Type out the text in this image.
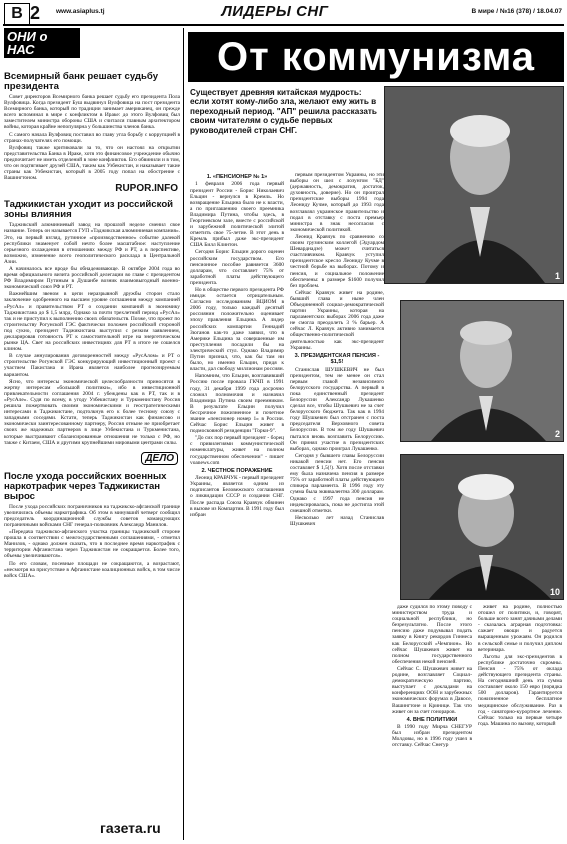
В 2 www.asiaplus.tj	ЛИДЕРЫ СНГ	В мире / №16 (378) / 18.04.07
ОНИ о
НАС
Всемирный банк решает судьбу президента

Совет директоров Всемирного банка решает судьбу его президента Пола Вулфовица. Когда президент Буш выдвинул Вулфовица на пост президента Всемирного банка, который по традиции занимает американец, он прежде всего вспоминал в мире с конфликтом в Ираке: до этого Вулфовиц был заместителем министра обороны США и считался главным архитектором войны, которая крайне непопулярна у большинства членов банка.

С самого начала Вулфовиц поставил во главу угла борьбу с коррупцией в странах-получателях его помощи.

Вулфовиц также критиковали за то, что он настоял на открытии представительства Банка в Ираке, хотя это финансовое учреждение обычно предпочитает не иметь отделений в зоне конфликтов. Его обвинили и в том, что он подтягивает друзей США, таким как Узбекистан, и наказывает такие страны как Узбекистан, который в 2005 году попал на обострение с Вашингтоном.

RUPOR.INFO
Таджикистан уходит из российской зоны влияния

Таджикский алюминиевый завод на прошлой неделе сменил свое название. Теперь он называется ГУП «Таджикская алюминиевая компания». Это, на первый взгляд, рутинное «производственное» событие далекой республики знаменует собой нечто более масштабное: наступление серьезного охлаждения в отношениях между РФ и РТ, а в перспективе, возможно, изменение всего геополитического расклада в Центральной Азии.

А начиналось все вроде бы обнадеживающе. В октябре 2004 года во время официального визита российской делегации во главе с президентом РФ Владимиром Путиным в Душанбе возник взаимовыгодный военно-экономический союз РФ и РТ.

Важнейшим звеном в цепи неразрывной дружбы сторон стало заключение одобренного на высшем уровне соглашения между компанией «РусАл» и правительством РТ о создании компаний в экономику Таджикистана до $ 1,5 млрд. Однако за почти трехлетний период «РусАл» так и не приступил к выполнению своих обязательств. Позже, что проект по строительству Рогунской ГЭС фактически положен российской стороной под сукно, президент Таджикистана выступил с резким заявлением, декларировав готовность РТ к самостоятельной игре на энергетическом рынке ЦА. Свет на российских инвестициях для РТ в итоге не сошелся клином.

В случае аннулирования договоренностей между «РусАлом» и РТ о строительстве Рогунской ГЭС конкурирующий инвестиционный проект с участием Пакистана и Ирана является наиболее прогнозируемым вариантом.

Ясно, что интересы экономической целесообразности приносятся в жертву интересам «большой политики», ибо в инвестиционной привлекательности соглашения 2004 г. убеждены как в РТ, так и в «РусАле». Судя по всему, в угоду Узбекистану и Туркменистану Россия решила пожертвовать своими экономическими и геостратегическими интересами в Таджикистане, подтолкнув его к более тесному союзу с западными соседями. Кстати, теперь Таджикистан как финансово и экономически заинтересованному партнеру, Россия отныне не приобретает своих же надежных партнеров в лице Узбекистана и Туркменистана, которые выстраивают сбалансированные отношения не только с РФ, но также с Китаем, США и другими крупнейшими мировыми центрами силы.

ДЕЛО
После ухода российских военных наркотрафик через Таджикистан вырос

После ухода российских пограничников на таджикско-афганской границе увеличились объемы наркотрафика. Об этом в минувший четверг сообщил председатель координационной службы советов командующих пограничными войсками СНГ генерал-полковник Александр Манилов.

«Передача таджикско-афганского участка границы таджикской стороне прошла в соответствии с межгосударственными соглашениями, - отметил Манилов, - однако должен сказать, что в последнее время наркотрафик с территории Афганистана через Таджикистан не сокращается. Более того, объемы увеличиваются».

По его словам, посевные площади не сокращаются, а возрастают, «несмотря на присутствие в Афганистане коалиционных войск, в том числе войск США».

газета.ru
От коммунизма
Существует древняя китайская мудрость: если хотят кому-либо зла, желают ему жить в переходный период. "АП" решила рассказать своим читателям о судьбе первых руководителей стран СНГ.
1
2
10
1. «ПЕНСИОНЕР № 1»

1 февраля 2006 года первый президент России - Борис Николаевич Ельцин - вернулся в Кремль. Но возвращение Ельцина было не к власти, а по приглашению своего преемника Владимира Путина, чтобы здесь, в Георгиевском зале, вместе с российской и зарубежной политической элитой отметить свое 75-летие. В этот день в Кремль прибыл даже экс-президент США Билл Клинтон.

Сегодня Борис Ельцин дорого оценен российским государством. Его пенсионное пособие равняется 3600 долларам, что составляет 75% от заработной платы действующего президента.

Но в обществе первого президента РФ имидж остается отрицательным. Согласно исследованиям ВЦИОМ в 2006 году, только каждый десятый россиянин положительно оценивает эпоху правления Ельцина. А лидер российских компартии Геннадий Зюганов как-то даже заявил, что в Америке Ельцина за совершенные им преступления посадили бы на электрический стул. Однако Владимир Путин признал, что, как бы там ни было, но именно Ельцин, придя к власти, дал свободу миллионам россиян.

Напомним, что Ельцин, возглавивший Россию после провала ГКЧП в 1991 году, 31 декабря 1999 года досрочно сложил полномочия и назначил Владимира Путина своим преемником. В результате Ельцин получил бессрочное пожизненное и почетное звание «пенсионер номер 1» в России. Сейчас Борис Ельцин живет в подмосковной резиденции "Горки-9".

"До сих пор первый президент - борец с привилегиями коммунистической номенклатуры, живет на полном государственном обеспечении" - пишет voanews.com

2. ЧЕСТНОЕ ПОРАЖЕНИЕ

Леонид КРАВЧУК - первый президент Украины, является одним из подписантов Беловежского соглашения о ликвидации СССР и создании СНГ. После распада Союза Кравчук обвинен в вызове из Компартии. В 1991 году был избран

первым президентом Украины, но эти выборы он шел с лозунгом "БД" (державность, демократия, достаток, духовность, доверие). Но он проиграл президентские выборы 1994 года Леониду Кучме, который до 1993 года возглавлял украинское правительство и подал в отставку с поста премьер министра в знак несогласия с экономической политикой.

Леонид Кравчук по сравнению со своим грузинским коллегой (Эдуардом Шеварднадзе) может считаться счастливчиком. Кравчук уступил президентское кресло Леониду Кучме в честной борьбе на выборах. Потому и пенсия, и социальное положение обеспечены: в размере $1600 получил без проблем.

Сейчас Кравчук живет на родине, бывший глава и ныне член Объединенной социал-демократической партии Украины, которая на парламентских выборах 2006 года даже не смогла преодолеть 3 % барьер. А сейчас Л. Кравчук активно занимается общественно-политической деятельностью как экс-президент Украины.

3. ПРЕЗИДЕНТСКАЯ ПЕНСИЯ - $1,5!

Станислав ШУШКЕВИЧ не был президентом, тем не менее он стал первым главой независимого белорусского государства. А первый в пока единственный президент Белоруссии Александр Лукашенко сделал все, чтобы Шушкевич не за счет белорусского бюджета. Так как в 1994 году Шушкевич был отстранен с поста председателя Верховного совета Белоруссии. В том же году Шушкевич пытался вновь возглавить Белоруссию. Он принял участие в президентских выборах, однако проиграл Лукашенко.

Сегодня у бывшего главы Белоруссии никакой пенсии нет. Его пенсия составляет $ 1,5(!). Хотя после отставки ему была назначена пенсия в размере 75% от заработной платы действующего спикера парламента. В 1996 году эту сумма была эквивалентна 300 долларам. Однако с 1997 года пенсия не индексировалась, пока не достигла этой смешной отметки.

Несколько лет назад Станислав Шушкевич

даже судился по этому поводу с министерством труда и социальной республики, но безрезультатно. После этого пенсию даже подумывал подать заявку в Книгу рекордов Гиннеса как Белорусский «Чемпион». Но сейчас Шушкевич живет на полном государственного обеспечения некой пенсией.

Сейчас С. Шушкевич живет на родине, возглавляет Социал-демократическую партию, выступает с докладами на конференциях ООН и зарубежных экономических форумах в Давосе, Вашингтоне и Кринице. Так что живет он за счет гонораров.

4. ВНЕ ПОЛИТИКИ

В 1990 году Мирча СНЕГУР был избран президентом Молдовы, но в 1996 году ушел в отставку. Сейчас Снегур

живет на родине, полностью отошел от политики, и, говорят, больше всего занят дачными делами - сказалась аграрная подготовка: сажает овощи и радуется выращенным урожаям. Он родился в сельской семье и получил диплом ветеринара.

Льготы для экс-президентов в республике достаточно скромны. Пенсия - 75% от оклада действующего президента страны. На сегодняшний день эта сумма составляет около 150 евро (порядка 500 долларов). Гарантируется пожизненное бесплатное медицинское обслуживание. Раз в год - санаторно-курортное лечение. Сейчас только на первые четыре года. Машина по вызову, который
